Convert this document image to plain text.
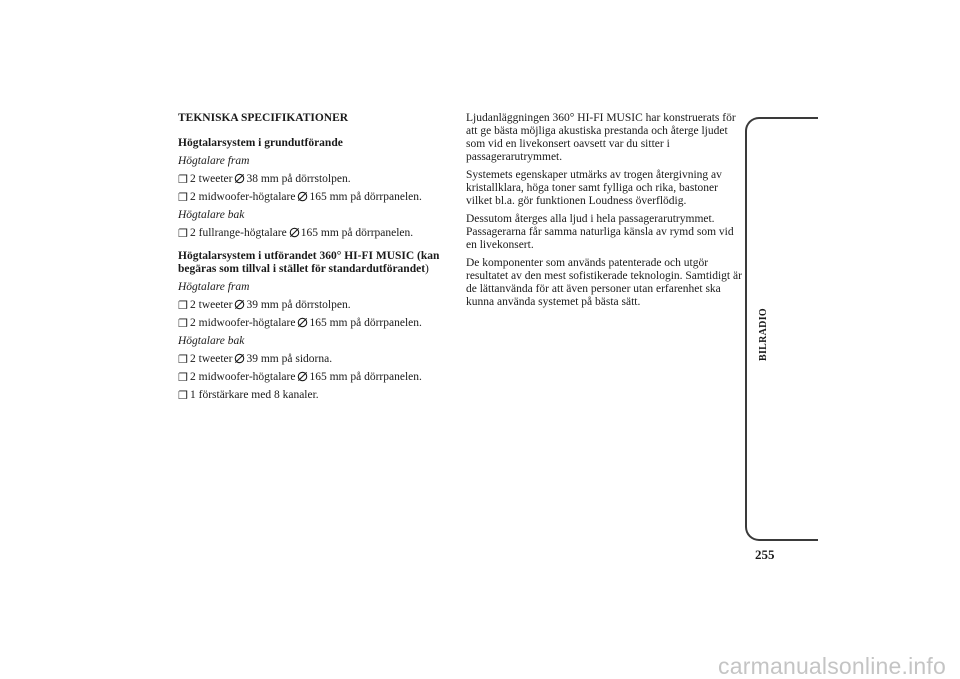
TEKNISKA SPECIFIKATIONER

Högtalarsystem i grundutförande

Högtalare fram

❐ 2 tweeter 38 mm på dörrstolpen.
❐ 2 midwoofer-högtalare 165 mm på dörrpanelen.

Högtalare bak

❐ 2 fullrange-högtalare 165 mm på dörrpanelen.

Högtalarsystem i utförandet 360° HI-FI MUSIC (kan begäras som tillval i stället för standardutförandet)

Högtalare fram

❐ 2 tweeter 39 mm på dörrstolpen.
❐ 2 midwoofer-högtalare 165 mm på dörrpanelen.

Högtalare bak

❐ 2 tweeter 39 mm på sidorna.
❐ 2 midwoofer-högtalare 165 mm på dörrpanelen.
❐ 1 förstärkare med 8 kanaler.

Ljudanläggningen 360° HI-FI MUSIC har konstruerats för att ge bästa möjliga akustiska prestanda och återge ljudet som vid en livekonsert oavsett var du sitter i passagerarutrymmet.

Systemets egenskaper utmärks av trogen återgivning av kristallklara, höga toner samt fylliga och rika, bastoner vilket bl.a. gör funktionen Loudness överflödig.

Dessutom återges alla ljud i hela passagerarutrymmet. Passagerarna får samma naturliga känsla av rymd som vid en livekonsert.

De komponenter som används patenterade och utgör resultatet av den mest sofistikerade teknologin. Samtidigt är de lättanvända för att även personer utan erfarenhet ska kunna använda systemet på bästa sätt.

BILRADIO
255
carmanualsonline.info
